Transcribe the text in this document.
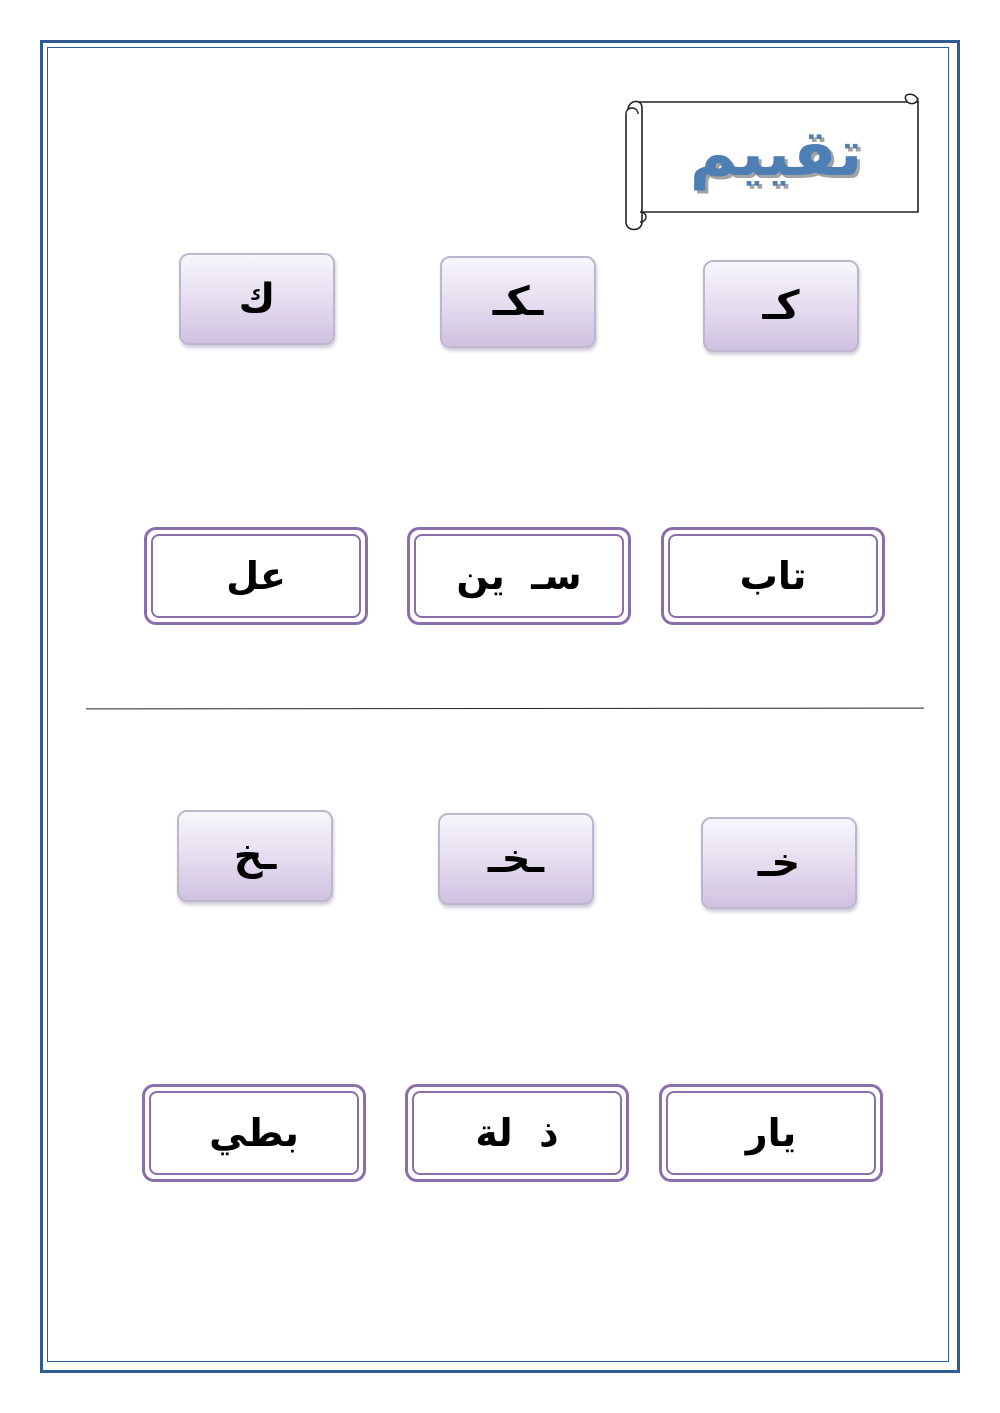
تقييم
ك	ـكـ	كـ
عل	سـ  ين	تاب
ـخ	ـخـ	خـ
بطي	ذ  لة	يار
